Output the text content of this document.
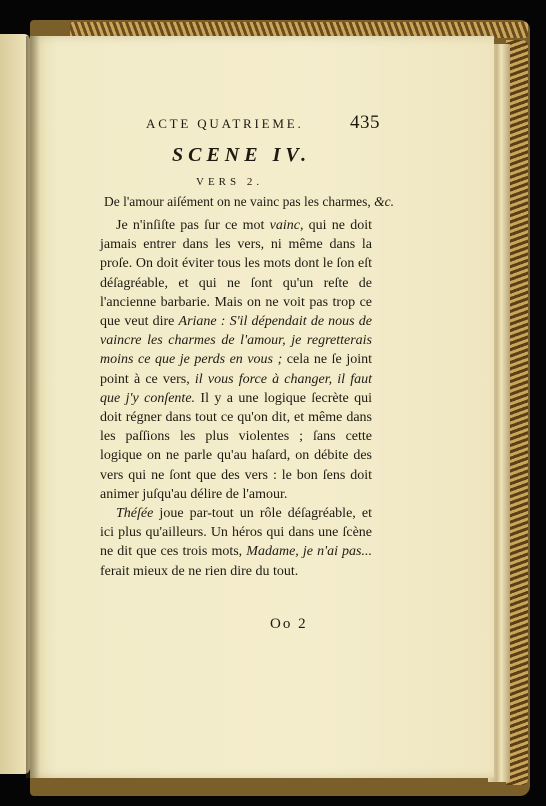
ACTE QUATRIEME.	435
SCENE IV.
VERS 2.
De l'amour aiſément on ne vainc pas les charmes, &c.

Je n'inſiſte pas ſur ce mot vainc, qui ne doit jamais entrer dans les vers, ni même dans la proſe. On doit éviter tous les mots dont le ſon eſt déſagréable, et qui ne ſont qu'un reſte de l'ancienne barbarie. Mais on ne voit pas trop ce que veut dire Ariane : S'il dépendait de nous de vaincre les charmes de l'amour, je regretterais moins ce que je perds en vous ; cela ne ſe joint point à ce vers, il vous force à changer, il faut que j'y conſente. Il y a une logique ſecrète qui doit régner dans tout ce qu'on dit, et même dans les paſſions les plus violentes ; ſans cette logique on ne parle qu'au haſard, on débite des vers qui ne ſont que des vers : le bon ſens doit animer juſqu'au délire de l'amour.

Théſée joue par-tout un rôle déſagréable, et ici plus qu'ailleurs. Un héros qui dans une ſcène ne dit que ces trois mots, Madame, je n'ai pas... ferait mieux de ne rien dire du tout.

Oo 2
